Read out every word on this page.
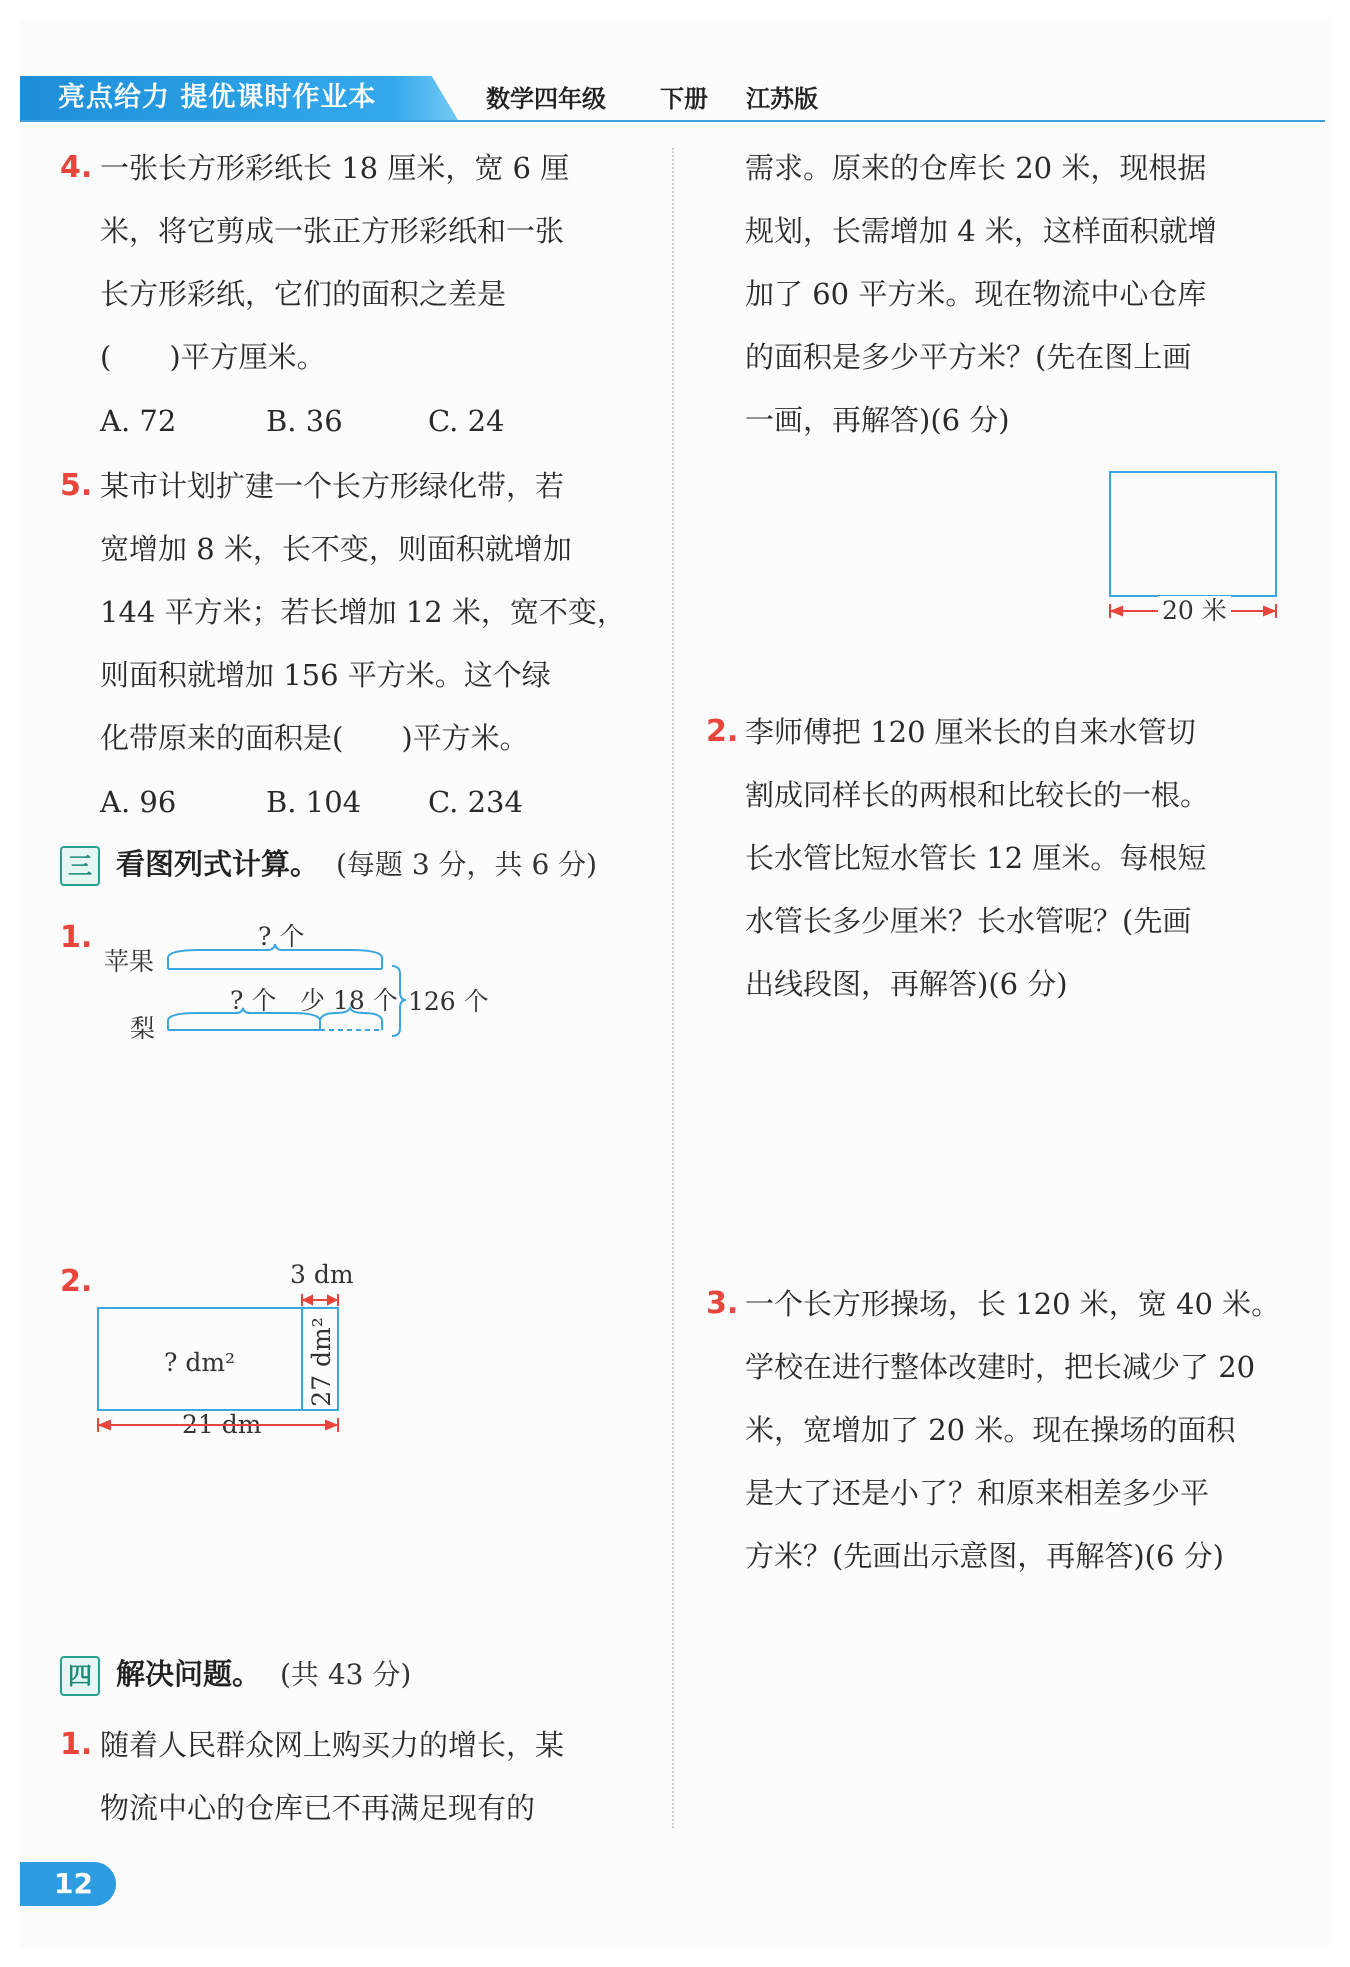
亮点给力 提优课时作业本	数学四年级 下册 江苏版
4. 一张长方形彩纸长 18 厘米，宽 6 厘
米，将它剪成一张正方形彩纸和一张
长方形彩纸，它们的面积之差是
(　　)平方厘米。
A. 72	B. 36	C. 24
5. 某市计划扩建一个长方形绿化带，若
宽增加 8 米，长不变，则面积就增加
144 平方米；若长增加 12 米，宽不变，
则面积就增加 156 平方米。这个绿
化带原来的面积是(　　)平方米。
A. 96	B. 104 C. 234
三 看图列式计算。 (每题 3 分，共 6 分)
1.
苹果
梨
? 个
? 个 少 18 个 126 个
2.	3 dm
? dm²	27 dm²
21 dm
四 解决问题。 (共 43 分)
1. 随着人民群众网上购买力的增长，某
物流中心的仓库已不再满足现有的
需求。原来的仓库长 20 米，现根据
规划，长需增加 4 米，这样面积就增
加了 60 平方米。现在物流中心仓库
的面积是多少平方米？(先在图上画
一画，再解答)(6 分)
20 米
2. 李师傅把 120 厘米长的自来水管切
割成同样长的两根和比较长的一根。
长水管比短水管长 12 厘米。每根短
水管长多少厘米？长水管呢？(先画
出线段图，再解答)(6 分)
3. 一个长方形操场，长 120 米，宽 40 米。
学校在进行整体改建时，把长减少了 20
米，宽增加了 20 米。现在操场的面积
是大了还是小了？和原来相差多少平
方米？(先画出示意图，再解答)(6 分)
12
